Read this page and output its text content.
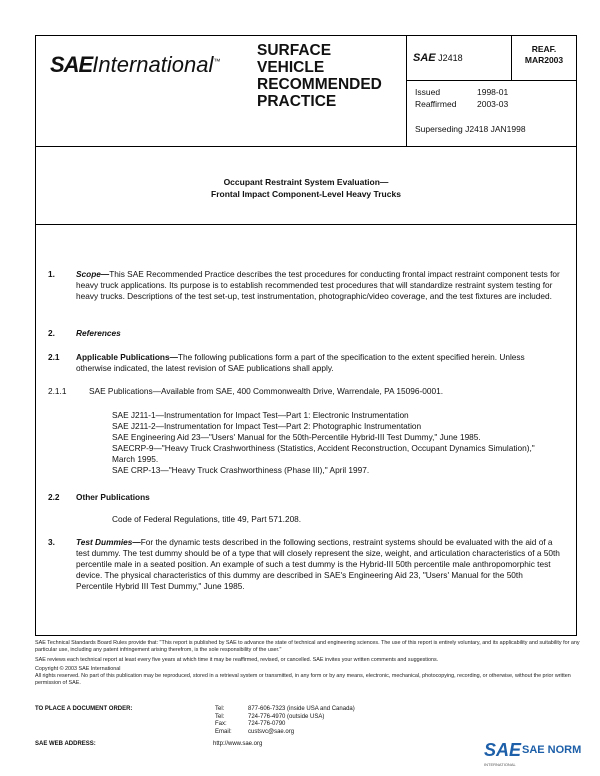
SAEInternational™
SURFACE
VEHICLE
RECOMMENDED
PRACTICE
SAE J2418
REAF.
MAR2003
Issued	1998-01
Reaffirmed 2003-03
Superseding J2418 JAN1998
Occupant Restraint System Evaluation—
Frontal Impact Component-Level Heavy Trucks
1.	Scope—This SAE Recommended Practice describes the test procedures for conducting frontal impact restraint component tests for heavy truck applications. Its purpose is to establish recommended test procedures that will standardize restraint system testing for heavy trucks. Descriptions of the test set-up, test instrumentation, photographic/video coverage, and the test fixtures are included.
2.	References
2.1 Applicable Publications—The following publications form a part of the specification to the extent specified herein. Unless otherwise indicated, the latest revision of SAE publications shall apply.
2.1.1	SAE Publications—Available from SAE, 400 Commonwealth Drive, Warrendale, PA 15096-0001.
SAE J211-1—Instrumentation for Impact Test—Part 1: Electronic Instrumentation
SAE J211-2—Instrumentation for Impact Test—Part 2: Photographic Instrumentation
SAE Engineering Aid 23—"Users' Manual for the 50th-Percentile Hybrid-III Test Dummy," June 1985.
SAECRP-9—"Heavy Truck Crashworthiness (Statistics, Accident Reconstruction, Occupant Dynamics Simulation)," March 1995.
SAE CRP-13—"Heavy Truck Crashworthiness (Phase III)," April 1997.
2.2 Other Publications
Code of Federal Regulations, title 49, Part 571.208.
3.	Test Dummies—For the dynamic tests described in the following sections, restraint systems should be evaluated with the aid of a test dummy. The test dummy should be of a type that will closely represent the size, weight, and articulation characteristics of a 50th percentile male in a seated position. An example of such a test dummy is the Hybrid-III 50th percentile male anthropomorphic test device. The physical characteristics of this dummy are described in SAE's Engineering Aid 23, "Users' Manual for the 50th Percentile Hybrid III Test Dummy," June 1985.

SAE Technical Standards Board Rules provide that: "This report is published by SAE to advance the state of technical and engineering sciences. The use of this report is entirely voluntary, and its applicability and suitability for any particular use, including any patent infringement arising therefrom, is the sole responsibility of the user."

SAE reviews each technical report at least every five years at which time it may be reaffirmed, revised, or cancelled. SAE invites your written comments and suggestions.

Copyright © 2003 SAE International

All rights reserved. No part of this publication may be reproduced, stored in a retrieval system or transmitted, in any form or by any means, electronic, mechanical, photocopying, recording, or otherwise, without the prior written permission of SAE.

TO PLACE A DOCUMENT ORDER:	Tel:	877-606-7323 (inside USA and Canada)
Tel:	724-776-4970 (outside USA)
Fax:	724-776-0790
Email:	custsvc@sae.org
SAE WEB ADDRESS:	http://www.sae.org	SAE SAE NORM
INTERNATIONAL
